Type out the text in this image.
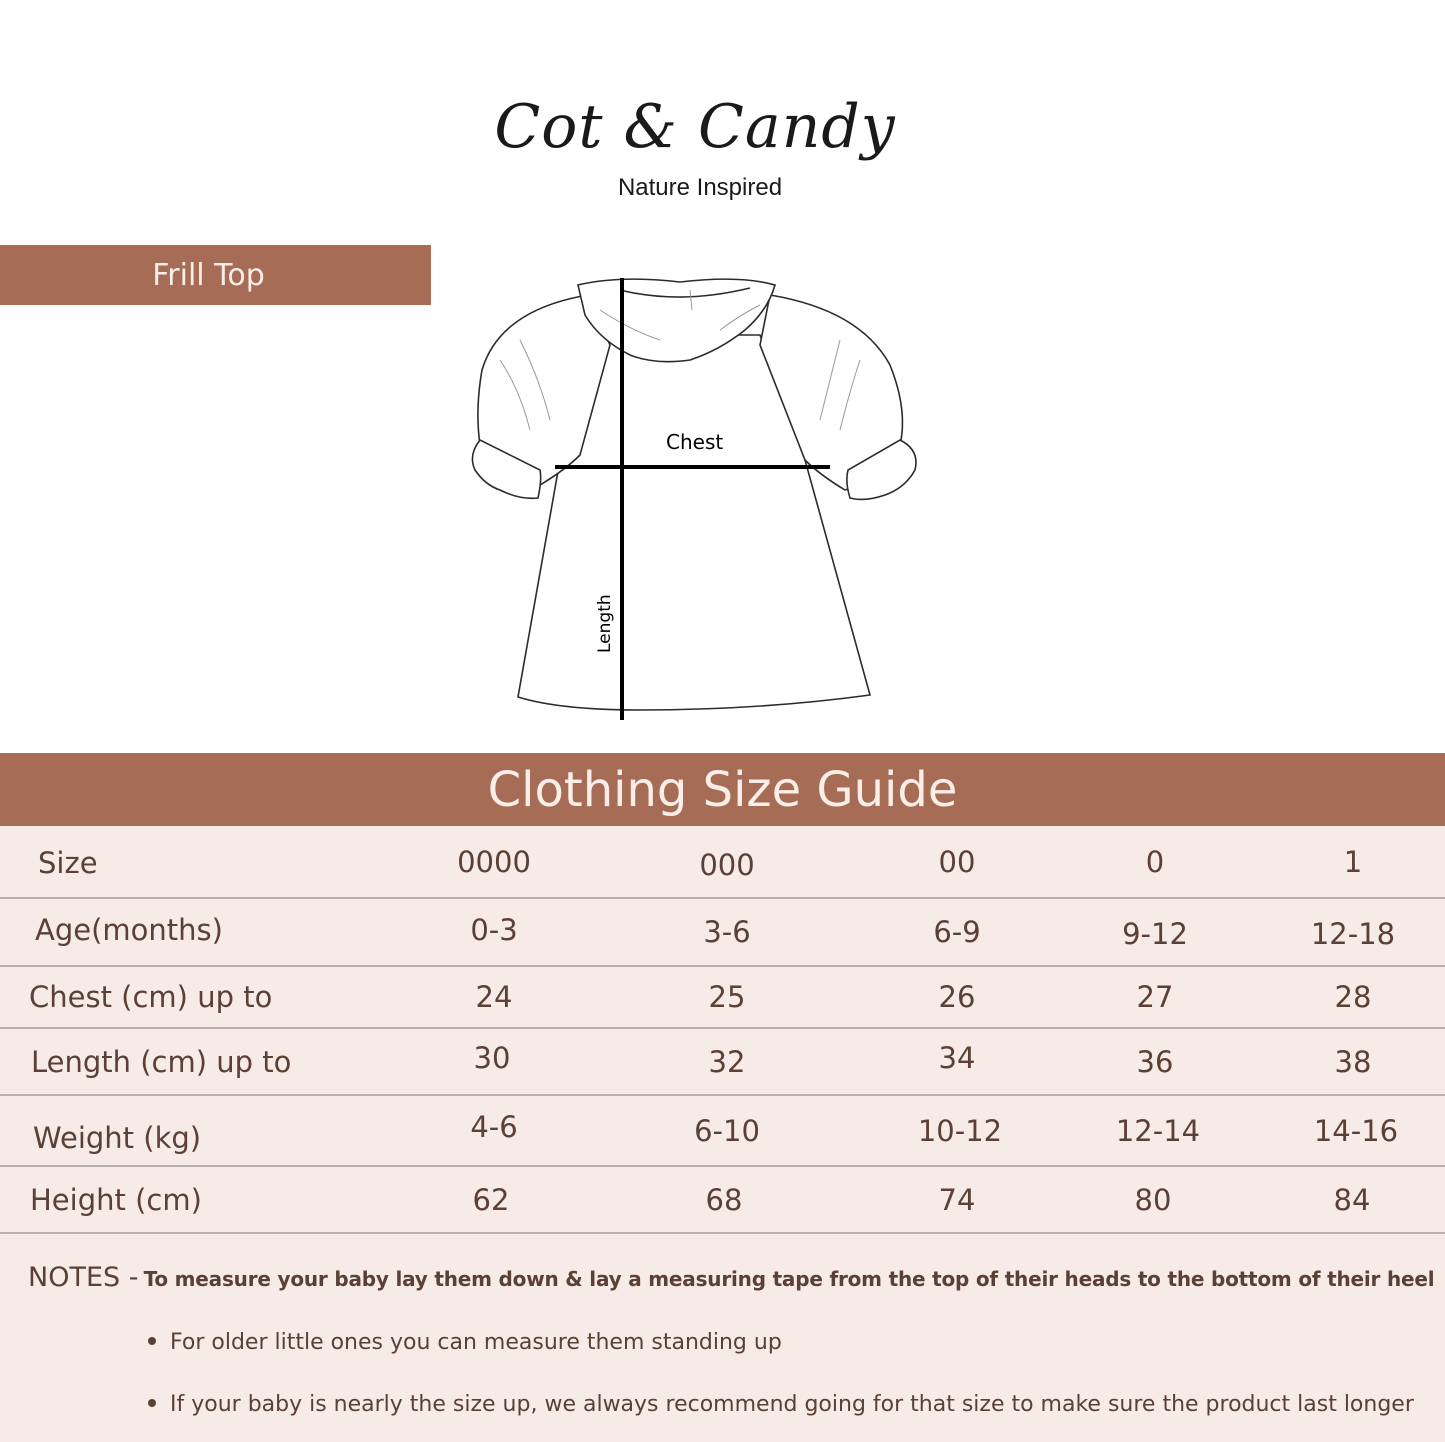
Cot & Candy
Nature Inspired
Frill Top
Chest
Length
Clothing Size Guide
Size	0000	000	00	0	1
Age(months)	0-3	3-6	6-9	9-12	12-18
Chest (cm) up to	24	25	26	27	28
Length (cm) up to	30	32	34	36	38
Weight (kg)	4-6	6-10	10-12	12-14	14-16
Height (cm)	62	68	74	80	84
NOTES - To measure your baby lay them down & lay a measuring tape from the top of their heads to the bottom of their heel
For older little ones you can measure them standing up
If your baby is nearly the size up, we always recommend going for that size to make sure the product last longer
